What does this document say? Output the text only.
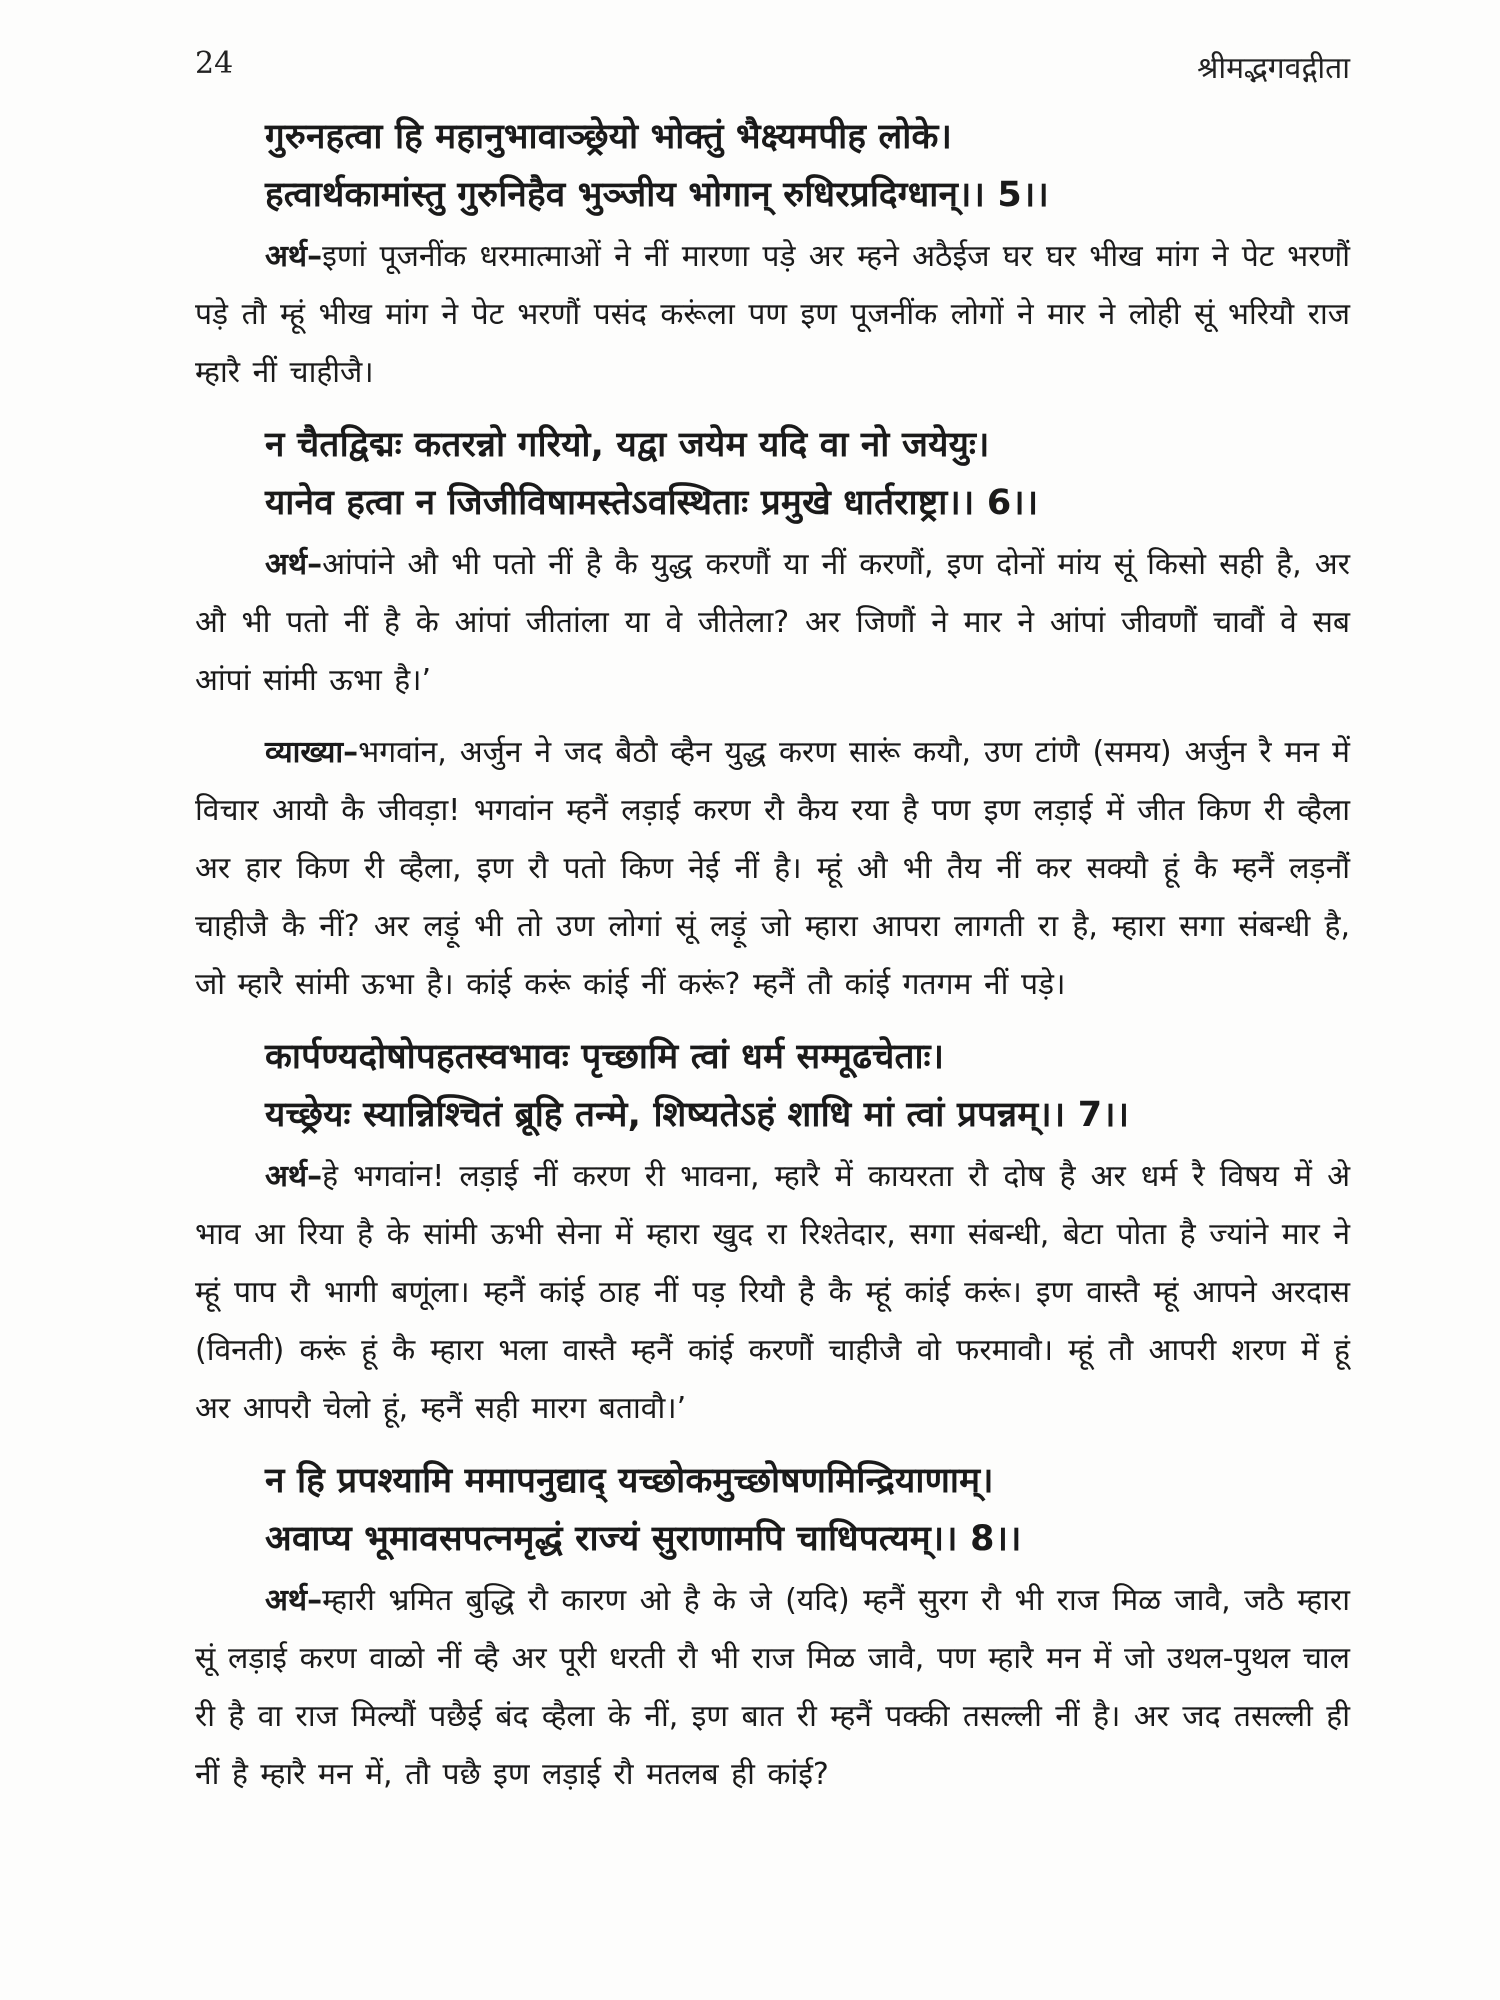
24	श्रीमद्भगवद्गीता
गुरुनहत्वा हि महानुभावाञ्छ्रेयो भोक्तुं भैक्ष्यमपीह लोके।
हत्वार्थकामांस्तु गुरुनिहैव भुञ्जीय भोगान् रुधिरप्रदिग्धान्।। 5।।

अर्थ–इणां पूजनींक धरमात्माओं ने नीं मारणा पड़े अर म्हने अठैईज घर घर भीख मांग ने पेट भरणौं पड़े तौ म्हूं भीख मांग ने पेट भरणौं पसंद करूंला पण इण पूजनींक लोगों ने मार ने लोही सूं भरियौ राज म्हारै नीं चाहीजै।

न चैतद्विद्मः कतरन्नो गरियो, यद्वा जयेम यदि वा नो जयेयुः।
यानेव हत्वा न जिजीविषामस्तेऽवस्थिताः प्रमुखे धार्तराष्ट्रा।। 6।।

अर्थ–आंपांने औ भी पतो नीं है कै युद्ध करणौं या नीं करणौं, इण दोनों मांय सूं किसो सही है, अर औ भी पतो नीं है के आंपां जीतांला या वे जीतेला? अर जिणौं ने मार ने आंपां जीवणौं चावौं वे सब आंपां सांमी ऊभा है।’

व्याख्या–भगवांन, अर्जुन ने जद बैठौ व्हैन युद्ध करण सारूं कयौ, उण टांणै (समय) अर्जुन रै मन में विचार आयौ कै जीवड़ा! भगवांन म्हनैं लड़ाई करण रौ कैय रया है पण इण लड़ाई में जीत किण री व्हैला अर हार किण री व्हैला, इण रौ पतो किण नेई नीं है। म्हूं औ भी तैय नीं कर सक्यौ हूं कै म्हनैं लड़नौं चाहीजै कै नीं? अर लड़ूं भी तो उण लोगां सूं लड़ूं जो म्हारा आपरा लागती रा है, म्हारा सगा संबन्धी है, जो म्हारै सांमी ऊभा है। कांई करूं कांई नीं करूं? म्हनैं तौ कांई गतगम नीं पड़े।

कार्पण्यदोषोपहतस्वभावः पृच्छामि त्वां धर्म सम्मूढचेताः।
यच्छ्रेयः स्यान्निश्चितं ब्रूहि तन्मे, शिष्यतेऽहं शाधि मां त्वां प्रपन्नम्।। 7।।

अर्थ–हे भगवांन! लड़ाई नीं करण री भावना, म्हारै में कायरता रौ दोष है अर धर्म रै विषय में अे भाव आ रिया है के सांमी ऊभी सेना में म्हारा खुद रा रिश्तेदार, सगा संबन्धी, बेटा पोता है ज्यांने मार ने म्हूं पाप रौ भागी बणूंला। म्हनैं कांई ठाह नीं पड़ रियौ है कै म्हूं कांई करूं। इण वास्तै म्हूं आपने अरदास (विनती) करूं हूं कै म्हारा भला वास्तै म्हनैं कांई करणौं चाहीजै वो फरमावौ। म्हूं तौ आपरी शरण में हूं अर आपरौ चेलो हूं, म्हनैं सही मारग बतावौ।’

न हि प्रपश्यामि ममापनुद्याद् यच्छोकमुच्छोषणमिन्द्रियाणाम्।
अवाप्य भूमावसपत्नमृद्धं राज्यं सुराणामपि चाधिपत्यम्।। 8।।

अर्थ–म्हारी भ्रमित बुद्धि रौ कारण ओ है के जे (यदि) म्हनैं सुरग रौ भी राज मिळ जावै, जठै म्हारा सूं लड़ाई करण वाळो नीं व्है अर पूरी धरती रौ भी राज मिळ जावै, पण म्हारै मन में जो उथल-पुथल चाल री है वा राज मिल्यौं पछैई बंद व्हैला के नीं, इण बात री म्हनैं पक्की तसल्ली नीं है। अर जद तसल्ली ही नीं है म्हारै मन में, तौ पछै इण लड़ाई रौ मतलब ही कांई?
